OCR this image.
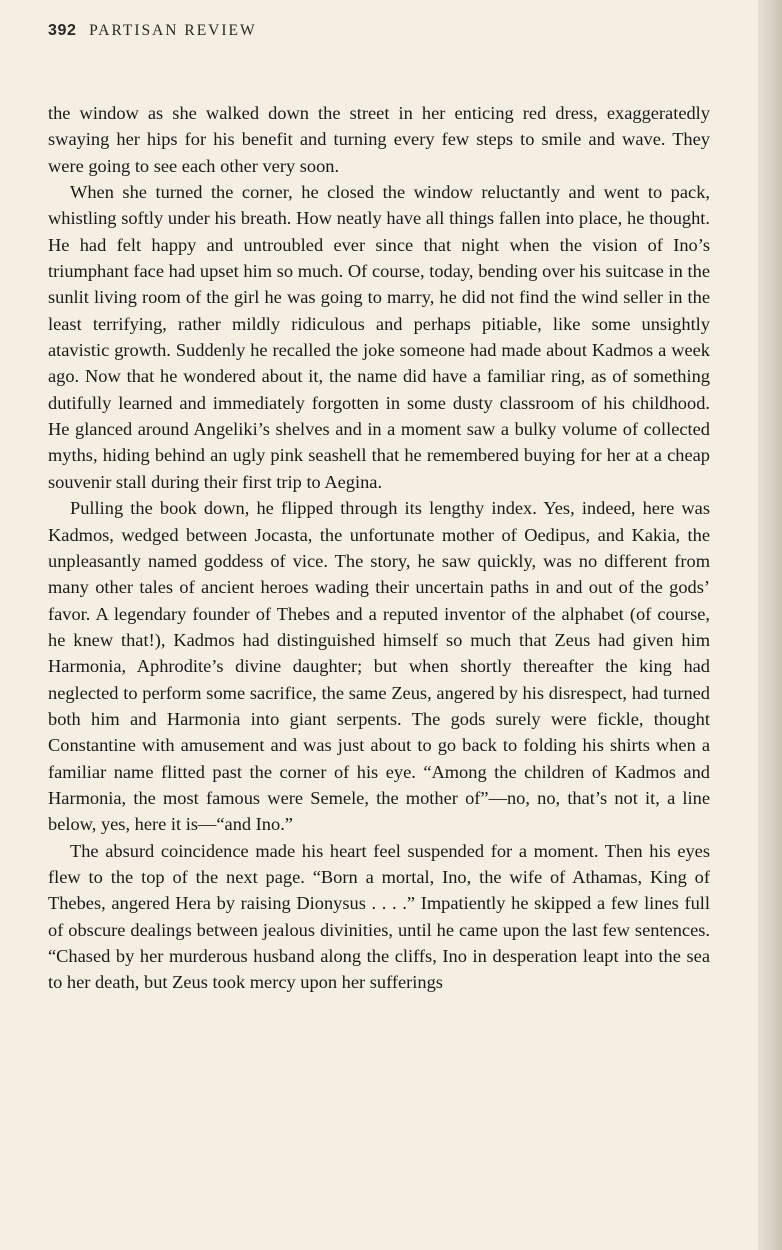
392 PARTISAN REVIEW

the window as she walked down the street in her enticing red dress, exaggeratedly swaying her hips for his benefit and turning every few steps to smile and wave. They were going to see each other very soon.

When she turned the corner, he closed the window reluctantly and went to pack, whistling softly under his breath. How neatly have all things fallen into place, he thought. He had felt happy and untroubled ever since that night when the vision of Ino’s triumphant face had upset him so much. Of course, today, bending over his suitcase in the sunlit living room of the girl he was going to marry, he did not find the wind seller in the least terrifying, rather mildly ridiculous and perhaps pitiable, like some unsightly atavistic growth. Suddenly he recalled the joke someone had made about Kadmos a week ago. Now that he wondered about it, the name did have a familiar ring, as of something dutifully learned and immediately forgotten in some dusty classroom of his childhood. He glanced around Angeliki’s shelves and in a moment saw a bulky volume of collected myths, hiding behind an ugly pink seashell that he remembered buying for her at a cheap souvenir stall during their first trip to Aegina.

Pulling the book down, he flipped through its lengthy index. Yes, indeed, here was Kadmos, wedged between Jocasta, the unfortunate mother of Oedipus, and Kakia, the unpleasantly named goddess of vice. The story, he saw quickly, was no different from many other tales of ancient heroes wading their uncertain paths in and out of the gods’ favor. A legendary founder of Thebes and a reputed inventor of the alphabet (of course, he knew that!), Kadmos had distinguished himself so much that Zeus had given him Harmonia, Aphrodite’s divine daughter; but when shortly thereafter the king had neglected to perform some sacrifice, the same Zeus, angered by his disrespect, had turned both him and Harmonia into giant serpents. The gods surely were fickle, thought Constantine with amusement and was just about to go back to folding his shirts when a familiar name flitted past the corner of his eye. “Among the children of Kadmos and Harmonia, the most famous were Semele, the mother of”—no, no, that’s not it, a line below, yes, here it is—“and Ino.”

The absurd coincidence made his heart feel suspended for a moment. Then his eyes flew to the top of the next page. “Born a mortal, Ino, the wife of Athamas, King of Thebes, angered Hera by raising Dionysus . . . .” Impatiently he skipped a few lines full of obscure dealings between jealous divinities, until he came upon the last few sentences. “Chased by her murderous husband along the cliffs, Ino in desperation leapt into the sea to her death, but Zeus took mercy upon her sufferings
